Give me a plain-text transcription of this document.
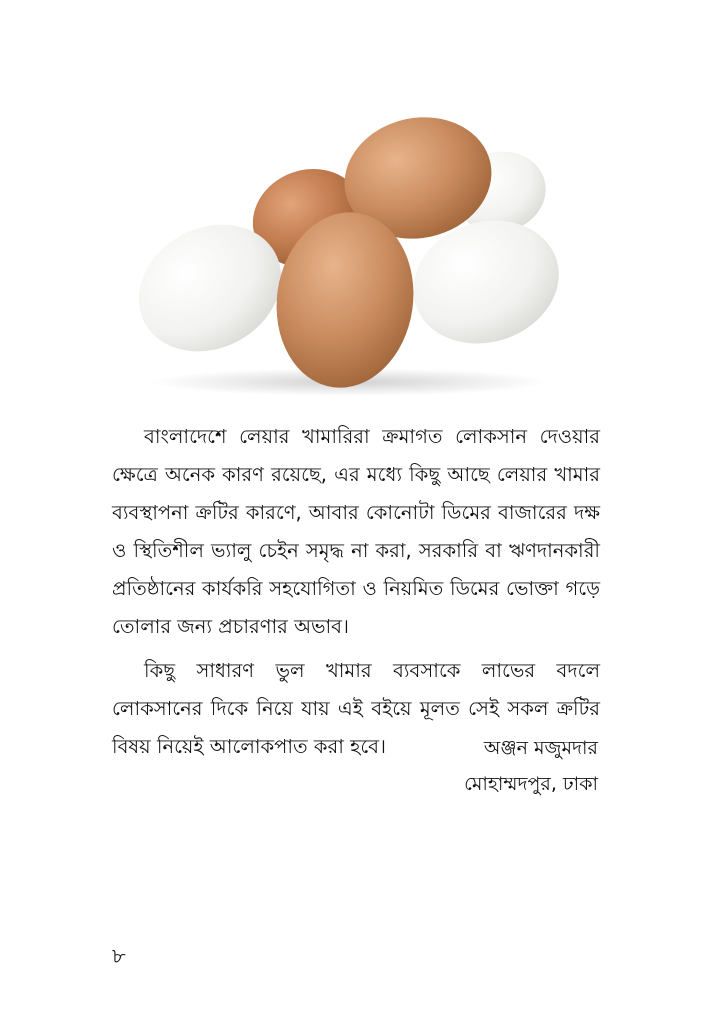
বাংলাদেশে লেয়ার খামারিরা ক্রমাগত লোকসান দেওয়ার ক্ষেত্রে অনেক কারণ রয়েছে, এর মধ্যে কিছু আছে লেয়ার খামার ব্যবস্থাপনা ক্রটির কারণে, আবার কোনোটা ডিমের বাজারের দক্ষ ও স্থিতিশীল ভ্যালু চেইন সমৃদ্ধ না করা, সরকারি বা ঋণদানকারী প্রতিষ্ঠানের কার্যকরি সহযোগিতা ও নিয়মিত ডিমের ভোক্তা গড়ে তোলার জন্য প্রচারণার অভাব।

কিছু সাধারণ ভুল খামার ব্যবসাকে লাভের বদলে লোকসানের দিকে নিয়ে যায় এই বইয়ে মূলত সেই সকল ক্রটির বিষয় নিয়েই আলোকপাত করা হবে।	অঞ্জন মজুমদার
মোহাম্মদপুর, ঢাকা
৮
